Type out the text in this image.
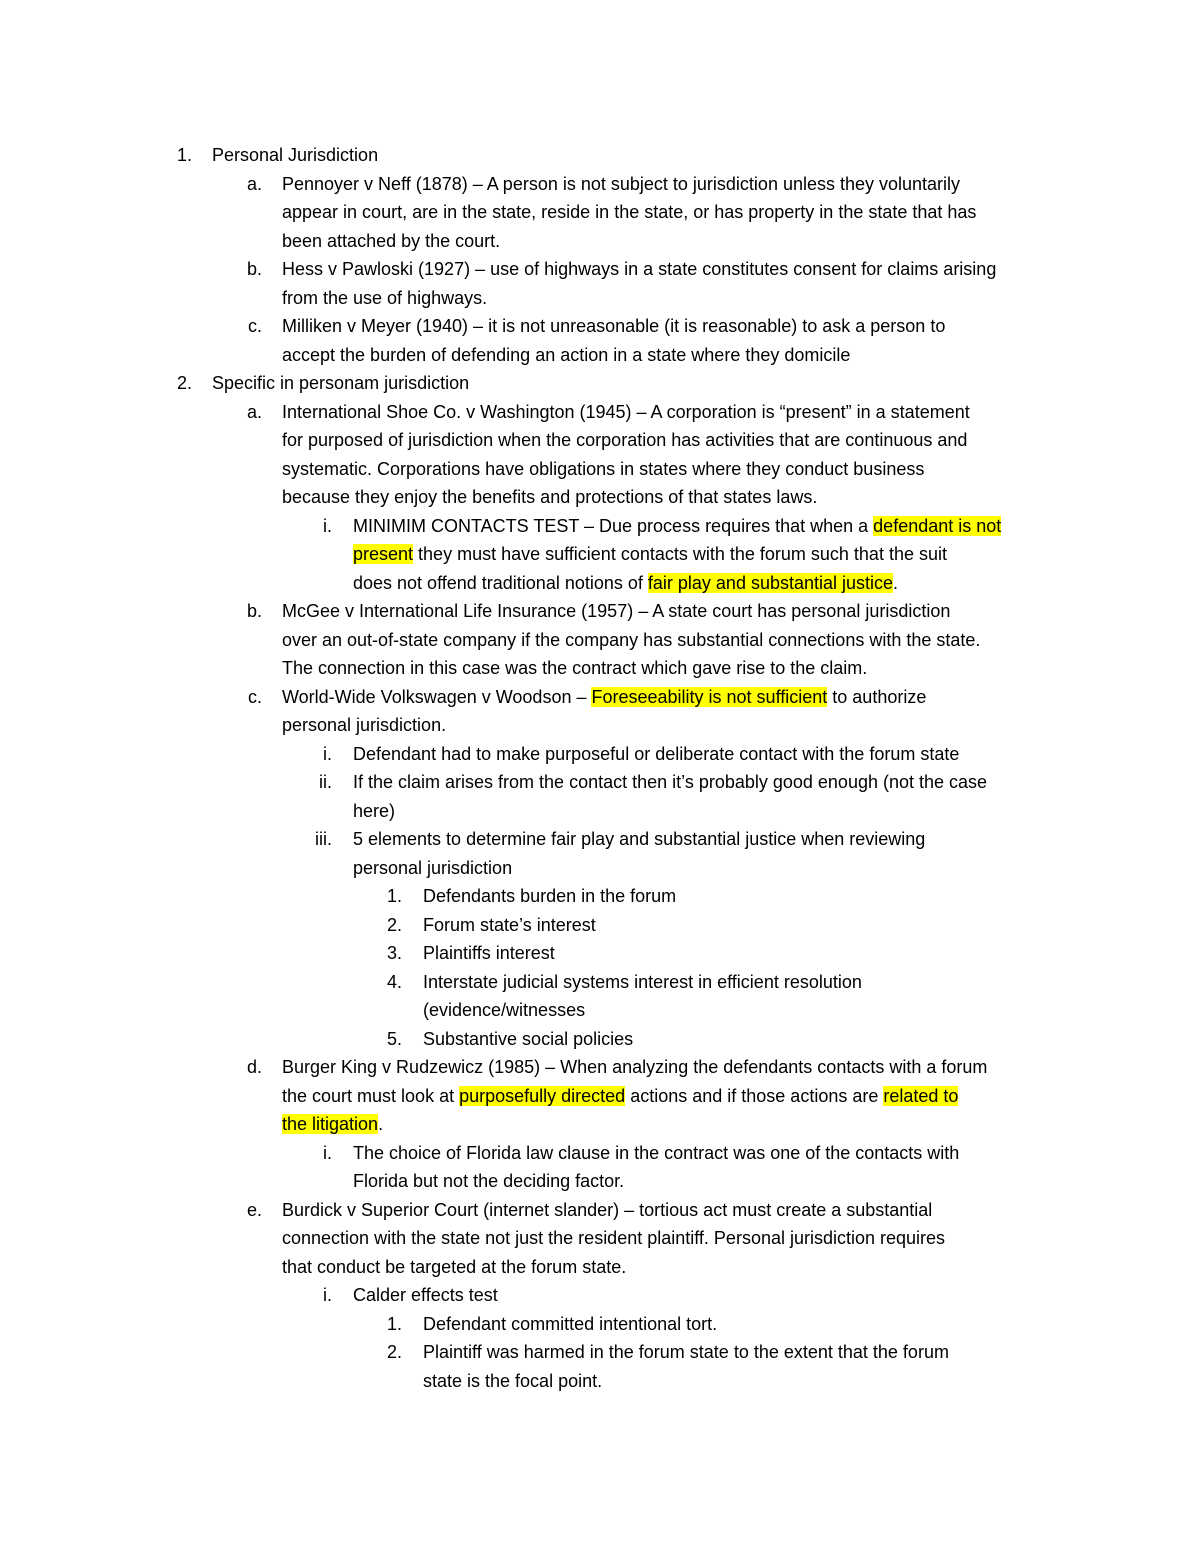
1. Personal Jurisdiction
a. Pennoyer v Neff (1878) – A person is not subject to jurisdiction unless they voluntarily
appear in court, are in the state, reside in the state, or has property in the state that has
been attached by the court.
b. Hess v Pawloski (1927) – use of highways in a state constitutes consent for claims arising
from the use of highways.
c. Milliken v Meyer (1940) – it is not unreasonable (it is reasonable) to ask a person to
accept the burden of defending an action in a state where they domicile
2. Specific in personam jurisdiction
a. International Shoe Co. v Washington (1945) – A corporation is “present” in a statement
for purposed of jurisdiction when the corporation has activities that are continuous and
systematic. Corporations have obligations in states where they conduct business
because they enjoy the benefits and protections of that states laws.
i. MINIMIM CONTACTS TEST – Due process requires that when a defendant is not
present they must have sufficient contacts with the forum such that the suit
does not offend traditional notions of fair play and substantial justice.
b. McGee v International Life Insurance (1957) – A state court has personal jurisdiction
over an out-of-state company if the company has substantial connections with the state.
The connection in this case was the contract which gave rise to the claim.
c. World-Wide Volkswagen v Woodson – Foreseeability is not sufficient to authorize
personal jurisdiction.
i. Defendant had to make purposeful or deliberate contact with the forum state
ii. If the claim arises from the contact then it’s probably good enough (not the case
here)
iii. 5 elements to determine fair play and substantial justice when reviewing
personal jurisdiction
1. Defendants burden in the forum
2. Forum state’s interest
3. Plaintiffs interest
4. Interstate judicial systems interest in efficient resolution
(evidence/witnesses
5. Substantive social policies
d. Burger King v Rudzewicz (1985) – When analyzing the defendants contacts with a forum
the court must look at purposefully directed actions and if those actions are related to
the litigation.
i. The choice of Florida law clause in the contract was one of the contacts with
Florida but not the deciding factor.
e. Burdick v Superior Court (internet slander) – tortious act must create a substantial
connection with the state not just the resident plaintiff. Personal jurisdiction requires
that conduct be targeted at the forum state.
i. Calder effects test
1. Defendant committed intentional tort.
2. Plaintiff was harmed in the forum state to the extent that the forum
state is the focal point.
